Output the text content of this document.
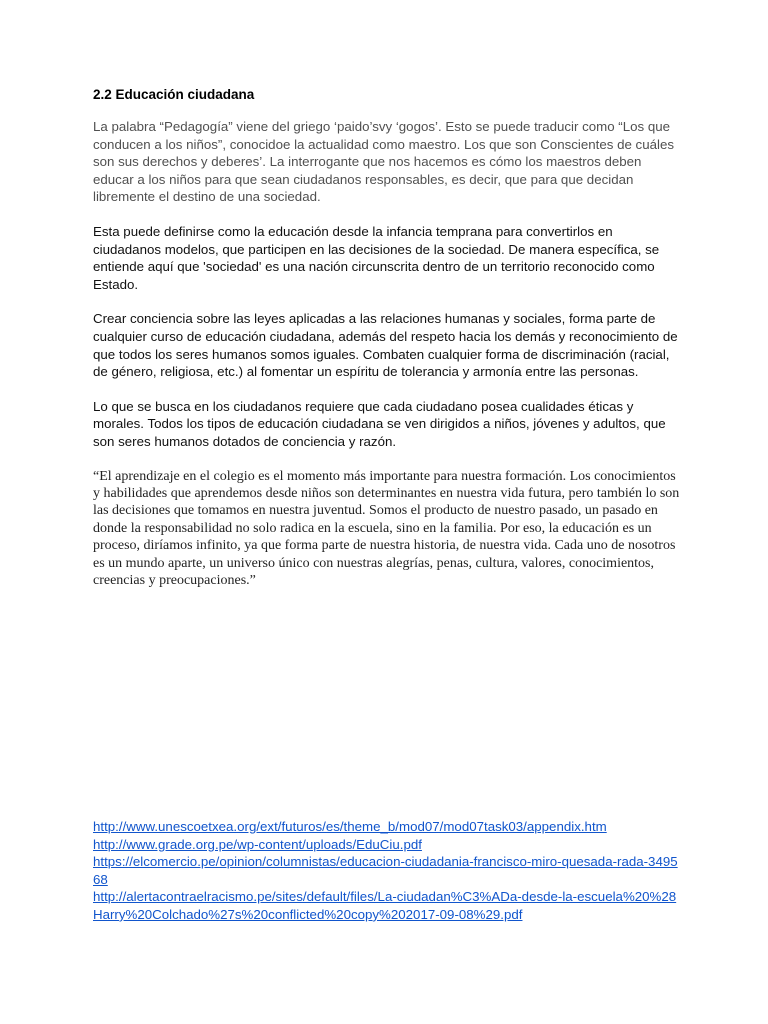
2.2 Educación ciudadana

La palabra “Pedagogía” viene del griego ‘paido’svy ‘gogos’. Esto se puede traducir como “Los que conducen a los niños”, conocidoe la actualidad como maestro. Los que son Conscientes de cuáles son sus derechos y deberes’. La interrogante que nos hacemos es cómo los maestros deben educar a los niños para que sean ciudadanos responsables, es decir, que para que decidan libremente el destino de una sociedad.

Esta puede definirse como la educación desde la infancia temprana para convertirlos en ciudadanos modelos, que participen en las decisiones de la sociedad. De manera específica, se entiende aquí que 'sociedad' es una nación circunscrita dentro de un territorio reconocido como Estado.

Crear conciencia sobre las leyes aplicadas a las relaciones humanas y sociales, forma parte de cualquier curso de educación ciudadana, además del respeto hacia los demás y reconocimiento de que todos los seres humanos somos iguales. Combaten cualquier forma de discriminación (racial, de género, religiosa, etc.) al fomentar un espíritu de tolerancia y armonía entre las personas.

Lo que se busca en los ciudadanos requiere que cada ciudadano posea cualidades éticas y morales. Todos los tipos de educación ciudadana se ven dirigidos a niños, jóvenes y adultos, que son seres humanos dotados de conciencia y razón.

“El aprendizaje en el colegio es el momento más importante para nuestra formación. Los conocimientos y habilidades que aprendemos desde niños son determinantes en nuestra vida futura, pero también lo son las decisiones que tomamos en nuestra juventud. Somos el producto de nuestro pasado, un pasado en donde la responsabilidad no solo radica en la escuela, sino en la familia. Por eso, la educación es un proceso, diríamos infinito, ya que forma parte de nuestra historia, de nuestra vida. Cada uno de nosotros es un mundo aparte, un universo único con nuestras alegrías, penas, cultura, valores, conocimientos, creencias y preocupaciones.”

http://www.unescoetxea.org/ext/futuros/es/theme_b/mod07/mod07task03/appendix.htm
http://www.grade.org.pe/wp-content/uploads/EduCiu.pdf
https://elcomercio.pe/opinion/columnistas/educacion-ciudadania-francisco-miro-quesada-rada-349568
http://alertacontraelracismo.pe/sites/default/files/La-ciudadan%C3%ADa-desde-la-escuela%20%28Harry%20Colchado%27s%20conflicted%20copy%202017-09-08%29.pdf
